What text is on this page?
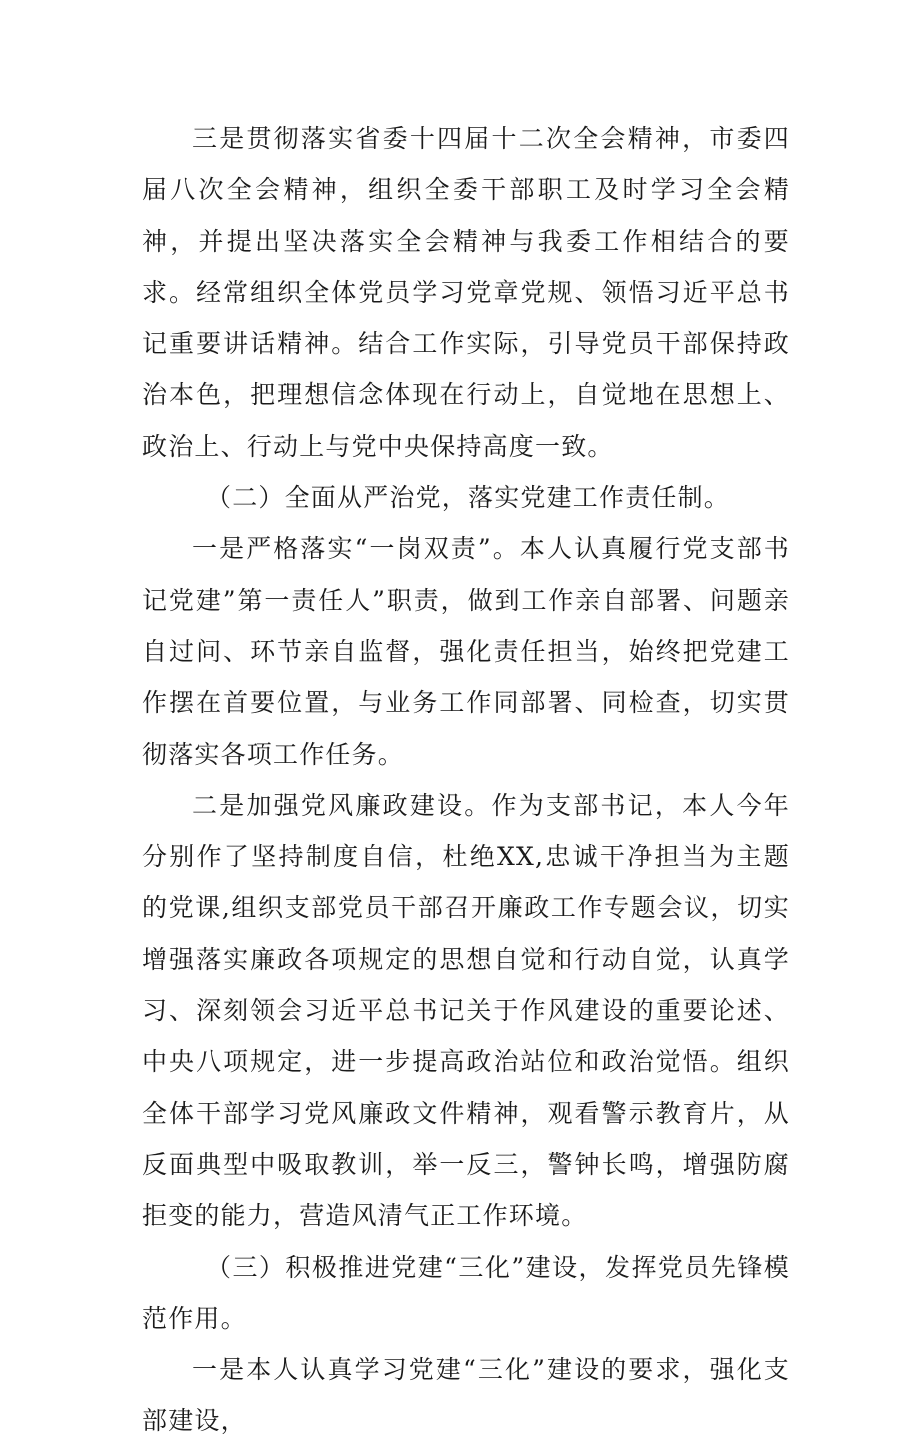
三是贯彻落实省委十四届十二次全会精神，市委四届八次全会精神，组织全委干部职工及时学习全会精神，并提出坚决落实全会精神与我委工作相结合的要求。经常组织全体党员学习党章党规、领悟习近平总书记重要讲话精神。结合工作实际，引导党员干部保持政治本色，把理想信念体现在行动上，自觉地在思想上、政治上、行动上与党中央保持高度一致。

（二）全面从严治党，落实党建工作责任制。

一是严格落实“一岗双责”。本人认真履行党支部书记党建”第一责任人”职责，做到工作亲自部署、问题亲自过问、环节亲自监督，强化责任担当，始终把党建工作摆在首要位置，与业务工作同部署、同检查，切实贯彻落实各项工作任务。

二是加强党风廉政建设。作为支部书记，本人今年分别作了坚持制度自信，杜绝XX,忠诚干净担当为主题的党课,组织支部党员干部召开廉政工作专题会议，切实增强落实廉政各项规定的思想自觉和行动自觉，认真学习、深刻领会习近平总书记关于作风建设的重要论述、中央八项规定，进一步提高政治站位和政治觉悟。组织全体干部学习党风廉政文件精神，观看警示教育片，从反面典型中吸取教训，举一反三，警钟长鸣，增强防腐拒变的能力，营造风清气正工作环境。

（三）积极推进党建“三化”建设，发挥党员先锋模范作用。

一是本人认真学习党建“三化”建设的要求，强化支部建设，
